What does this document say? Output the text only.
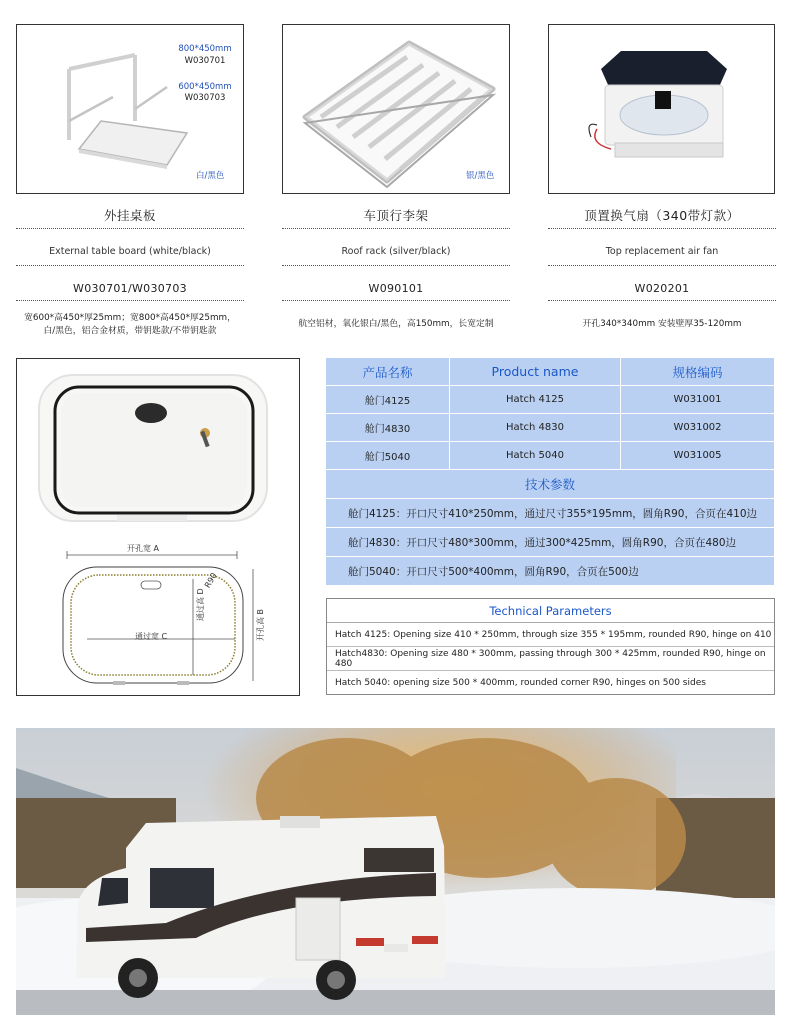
800*450mm
W030701
600*450mm
W030703
白/黑色
外挂桌板
External table board (white/black)
W030701/W030703
宽600*高450*厚25mm；宽800*高450*厚25mm，
白/黑色，铝合金材质，带钥匙款/不带钥匙款
银/黑色
车顶行李架
Roof rack (silver/black)
W090101
航空铝材，氧化银白/黑色，高150mm，长宽定制
顶置换气扇（340带灯款）
Top replacement air fan
W020201
开孔340*340mm 安装壁厚35-120mm
开孔宽 A
通过宽 C
R90
通过高 D
开孔高 B
产品名称	Product name	规格编码
舱门4125	Hatch 4125	W031001
舱门4830	Hatch 4830	W031002
舱门5040	Hatch 5040	W031005
技术参数
舱门4125：开口尺寸410*250mm，通过尺寸355*195mm，圆角R90，合页在410边
舱门4830：开口尺寸480*300mm，通过300*425mm，圆角R90，合页在480边
舱门5040：开口尺寸500*400mm，圆角R90，合页在500边
Technical Parameters
Hatch 4125: Opening size 410 * 250mm, through size 355 * 195mm, rounded R90, hinge on 410
Hatch4830: Opening size 480 * 300mm, passing through 300 * 425mm, rounded R90, hinge on 480
Hatch 5040: opening size 500 * 400mm, rounded corner R90, hinges on 500 sides
